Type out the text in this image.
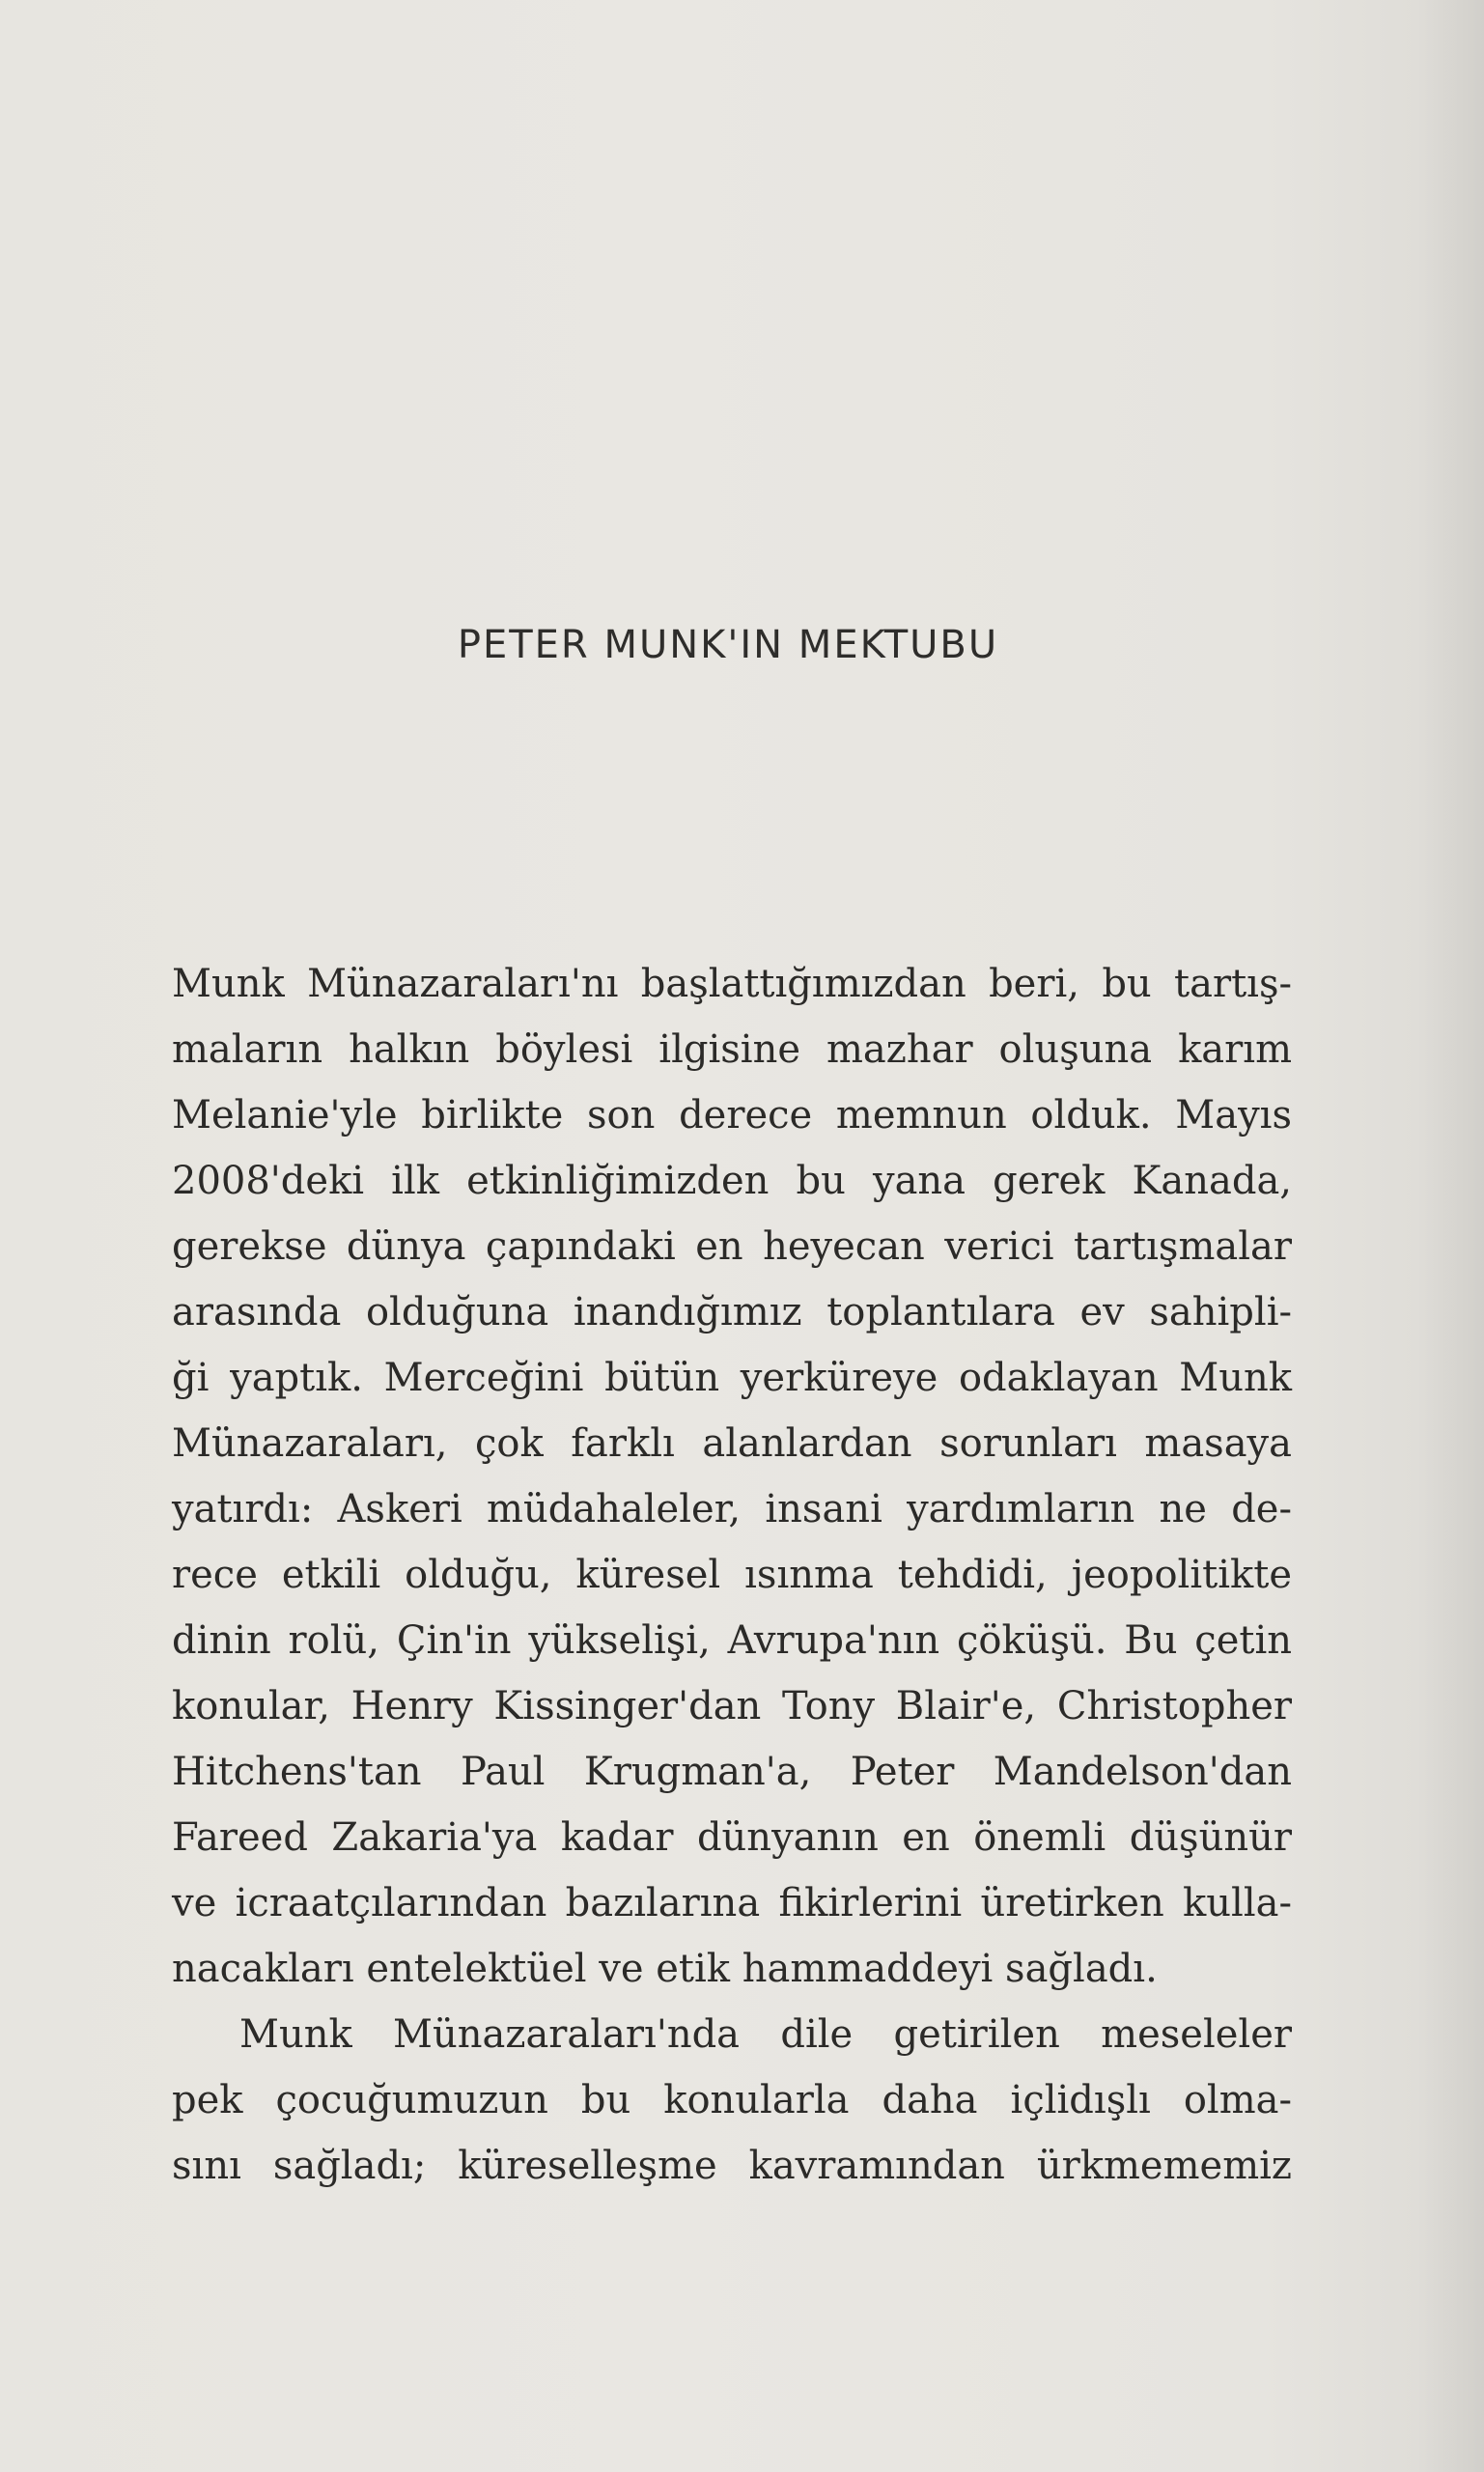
PETER MUNK'IN MEKTUBU
Munk Münazaraları'nı başlattığımızdan beri, bu tartış-
maların halkın böylesi ilgisine mazhar oluşuna karım
Melanie'yle birlikte son derece memnun olduk. Mayıs
2008'deki ilk etkinliğimizden bu yana gerek Kanada,
gerekse dünya çapındaki en heyecan verici tartışmalar
arasında olduğuna inandığımız toplantılara ev sahipli-
ği yaptık. Merceğini bütün yerküreye odaklayan Munk
Münazaraları, çok farklı alanlardan sorunları masaya
yatırdı: Askeri müdahaleler, insani yardımların ne de-
rece etkili olduğu, küresel ısınma tehdidi, jeopolitikte
dinin rolü, Çin'in yükselişi, Avrupa'nın çöküşü. Bu çetin
konular, Henry Kissinger'dan Tony Blair'e, Christopher
Hitchens'tan Paul Krugman'a, Peter Mandelson'dan
Fareed Zakaria'ya kadar dünyanın en önemli düşünür
ve icraatçılarından bazılarına fikirlerini üretirken kulla-
nacakları entelektüel ve etik hammaddeyi sağladı.
Munk Münazaraları'nda dile getirilen meseleler
pek çocuğumuzun bu konularla daha içlidışlı olma-
sını sağladı; küreselleşme kavramından ürkmememiz
